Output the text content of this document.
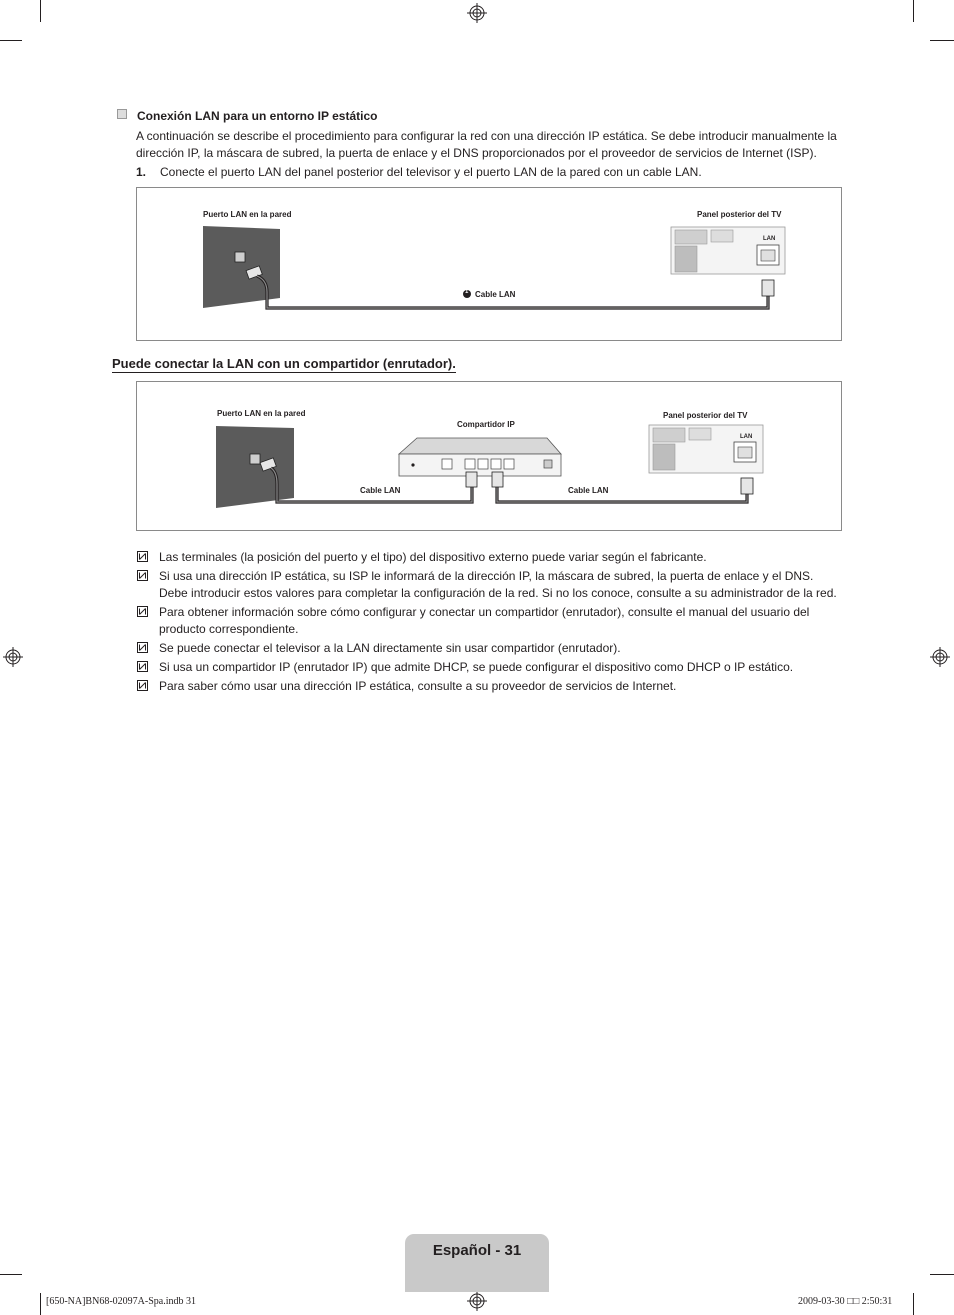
Conexión LAN para un entorno IP estático
A continuación se describe el procedimiento para configurar la red con una dirección IP estática. Se debe introducir manualmente la dirección IP, la máscara de subred, la puerta de enlace y el DNS proporcionados por el proveedor de servicios de Internet (ISP).
1. Conecte el puerto LAN del panel posterior del televisor y el puerto LAN de la pared con un cable LAN.
Puerto LAN en la pared	Panel posterior del TV
LAN
1 Cable LAN
Puede conectar la LAN con un compartidor (enrutador).
Puerto LAN en la pared
Compartidor IP
Panel posterior del TV
LAN
Cable LAN	Cable LAN
Las terminales (la posición del puerto y el tipo) del dispositivo externo puede variar según el fabricante.
Si usa una dirección IP estática, su ISP le informará de la dirección IP, la máscara de subred, la puerta de enlace y el DNS. Debe introducir estos valores para completar la configuración de la red. Si no los conoce, consulte a su administrador de la red.
Para obtener información sobre cómo configurar y conectar un compartidor (enrutador), consulte el manual del usuario del producto correspondiente.
Se puede conectar el televisor a la LAN directamente sin usar compartidor (enrutador).
Si usa un compartidor IP (enrutador IP) que admite DHCP, se puede configurar el dispositivo como DHCP o IP estático.
Para saber cómo usar una dirección IP estática, consulte a su proveedor de servicios de Internet.
Español - 31
[650-NA]BN68-02097A-Spa.indb 31	2009-03-30 □□ 2:50:31
